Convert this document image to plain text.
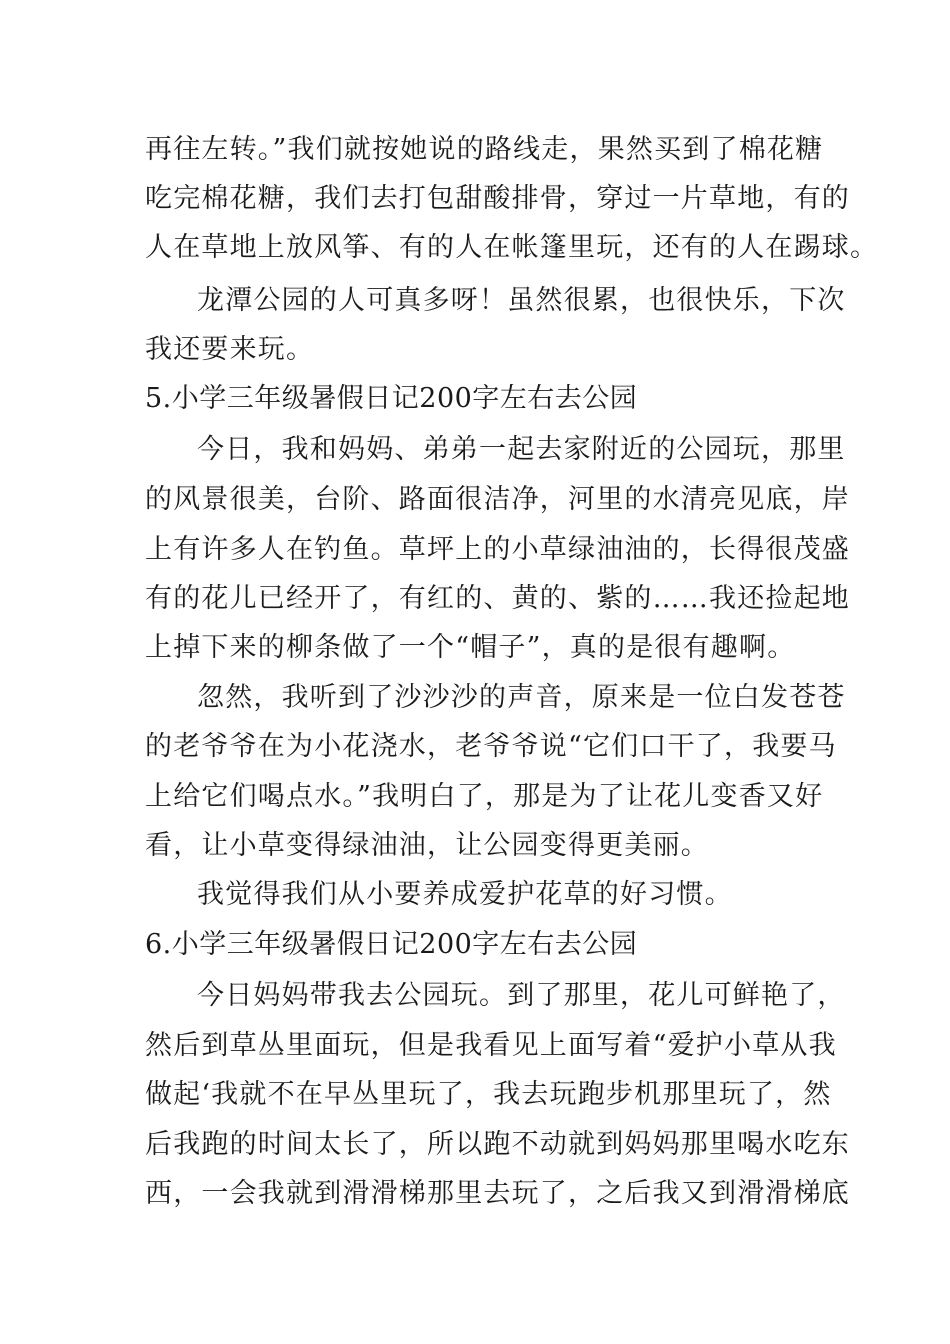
再往左转。”我们就按她说的路线走，果然买到了棉花糖
吃完棉花糖，我们去打包甜酸排骨，穿过一片草地，有的
人在草地上放风筝、有的人在帐篷里玩，还有的人在踢球。
龙潭公园的人可真多呀！虽然很累，也很快乐，下次
我还要来玩。
5.小学三年级暑假日记200字左右去公园
今日，我和妈妈、弟弟一起去家附近的公园玩，那里
的风景很美，台阶、路面很洁净，河里的水清亮见底，岸
上有许多人在钓鱼。草坪上的小草绿油油的，长得很茂盛
有的花儿已经开了，有红的、黄的、紫的……我还捡起地
上掉下来的柳条做了一个“帽子”，真的是很有趣啊。
忽然，我听到了沙沙沙的声音，原来是一位白发苍苍
的老爷爷在为小花浇水，老爷爷说“它们口干了，我要马
上给它们喝点水。”我明白了，那是为了让花儿变香又好
看，让小草变得绿油油，让公园变得更美丽。
我觉得我们从小要养成爱护花草的好习惯。
6.小学三年级暑假日记200字左右去公园
今日妈妈带我去公园玩。到了那里，花儿可鲜艳了，
然后到草丛里面玩，但是我看见上面写着“爱护小草从我
做起‘我就不在早丛里玩了，我去玩跑步机那里玩了，然
后我跑的时间太长了，所以跑不动就到妈妈那里喝水吃东
西，一会我就到滑滑梯那里去玩了，之后我又到滑滑梯底
